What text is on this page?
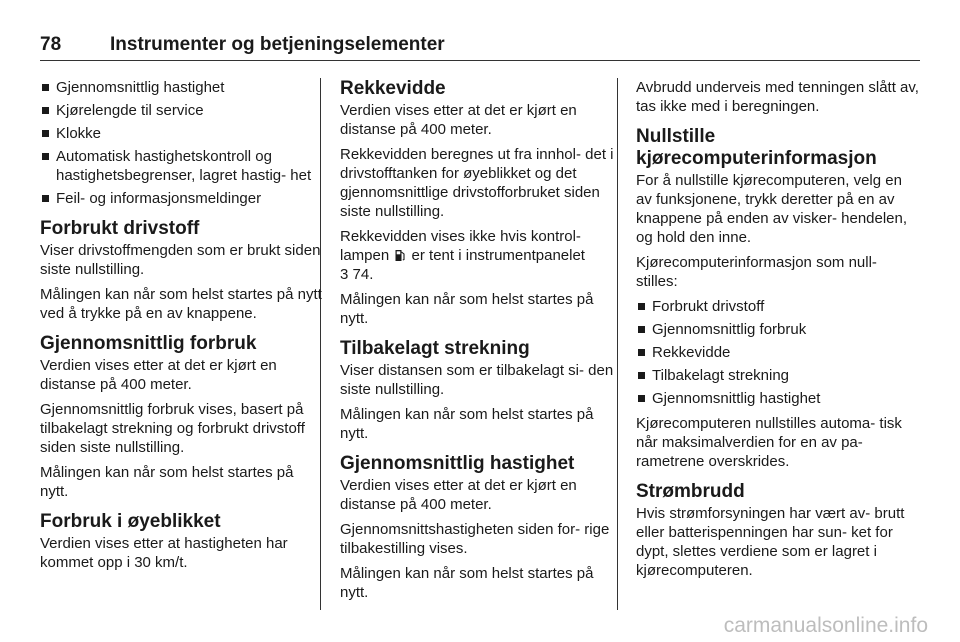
78	Instrumenter og betjeningselementer
Gjennomsnittlig hastighet
Kjørelengde til service
Klokke
Automatisk hastighetskontroll og hastighetsbegrenser, lagret hastig- het
Feil- og informasjonsmeldinger
Forbrukt drivstoff

Viser drivstoffmengden som er brukt siden siste nullstilling.

Målingen kan når som helst startes på nytt ved å trykke på en av knappene.

Gjennomsnittlig forbruk

Verdien vises etter at det er kjørt en distanse på 400 meter.

Gjennomsnittlig forbruk vises, basert på tilbakelagt strekning og forbrukt drivstoff siden siste nullstilling.

Målingen kan når som helst startes på nytt.

Forbruk i øyeblikket

Verdien vises etter at hastigheten har kommet opp i 30 km/t.

Rekkevidde

Verdien vises etter at det er kjørt en distanse på 400 meter.

Rekkevidden beregnes ut fra innhol- det i drivstofftanken for øyeblikket og det gjennomsnittlige drivstofforbruket siden siste nullstilling.

Rekkevidden vises ikke hvis kontrol- lampen er tent i instrumentpanelet
3 74.

Målingen kan når som helst startes på nytt.

Tilbakelagt strekning

Viser distansen som er tilbakelagt si- den siste nullstilling.

Målingen kan når som helst startes på nytt.

Gjennomsnittlig hastighet

Verdien vises etter at det er kjørt en distanse på 400 meter.

Gjennomsnittshastigheten siden for- rige tilbakestilling vises.

Målingen kan når som helst startes på nytt.

Avbrudd underveis med tenningen slått av, tas ikke med i beregningen.

Nullstille kjørecomputerinformasjon

For å nullstille kjørecomputeren, velg en av funksjonene, trykk deretter på en av knappene på enden av visker- hendelen, og hold den inne.

Kjørecomputerinformasjon som null- stilles:

Forbrukt drivstoff
Gjennomsnittlig forbruk
Rekkevidde
Tilbakelagt strekning
Gjennomsnittlig hastighet

Kjørecomputeren nullstilles automa- tisk når maksimalverdien for en av pa- rametrene overskrides.

Strømbrudd

Hvis strømforsyningen har vært av- brutt eller batterispenningen har sun- ket for dypt, slettes verdiene som er lagret i kjørecomputeren.

carmanualsonline.info
